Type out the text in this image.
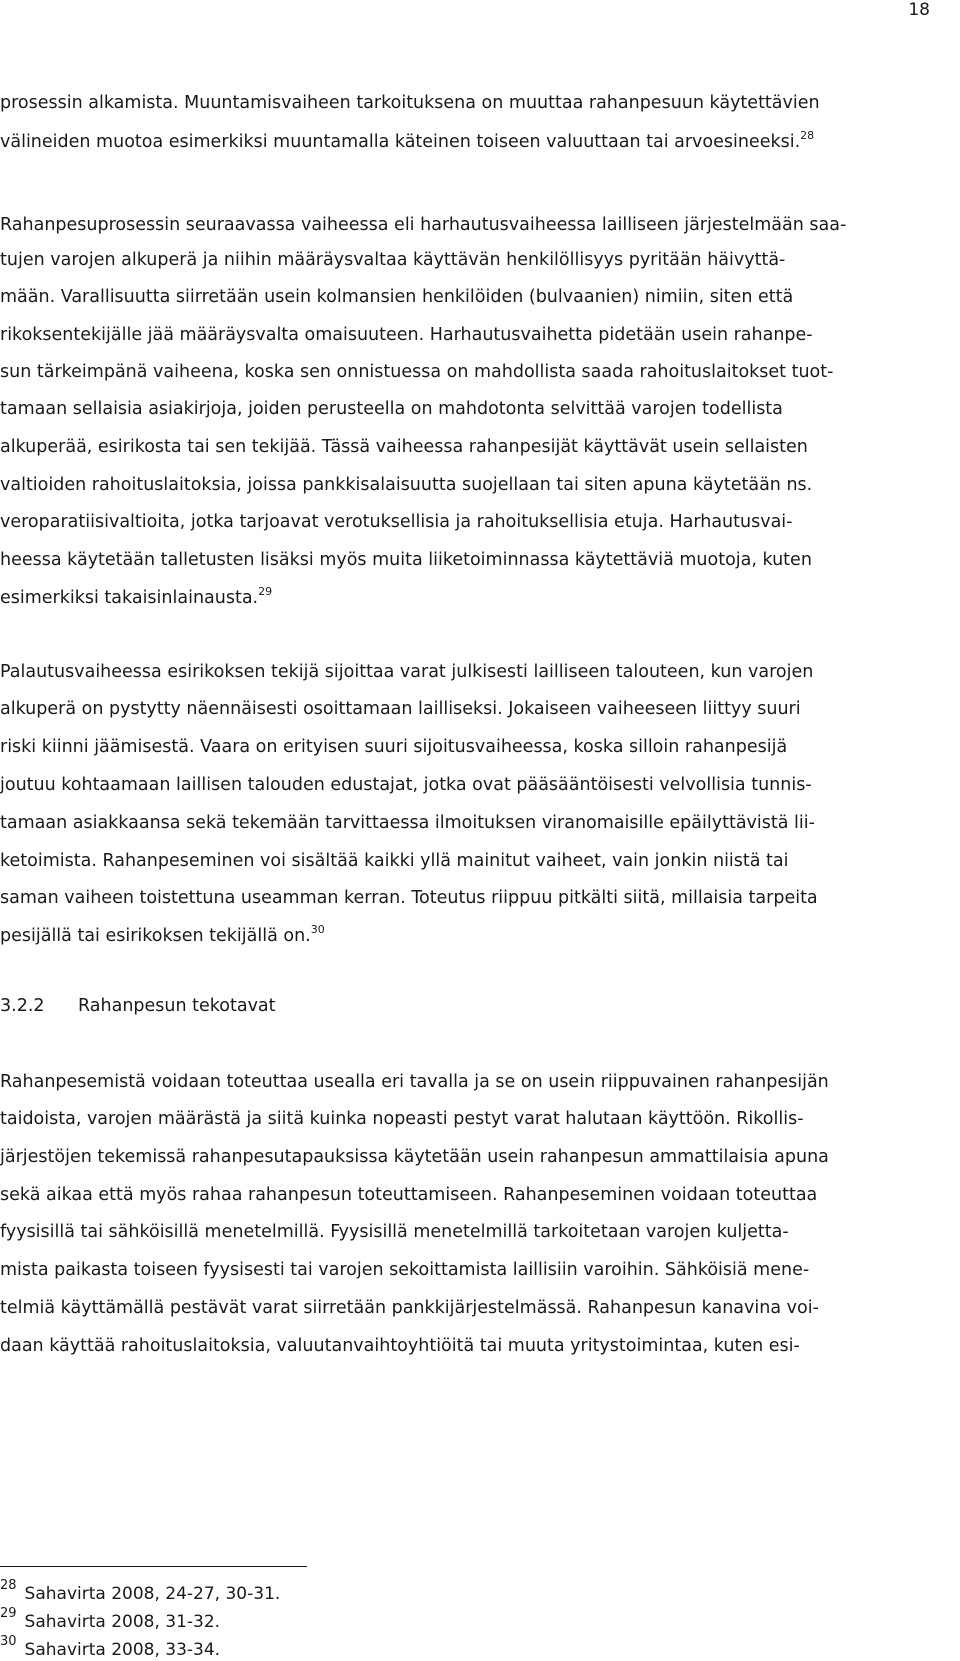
18
prosessin alkamista. Muuntamisvaiheen tarkoituksena on muuttaa rahanpesuun käytettävien
välineiden muotoa esimerkiksi muuntamalla käteinen toiseen valuuttaan tai arvoesineeksi.$^{28}$
Rahanpesuprosessin seuraavassa vaiheessa eli harhautusvaiheessa lailliseen järjestelmään saa-
tujen varojen alkuperä ja niihin määräysvaltaa käyttävän henkilöllisyys pyritään häivyttä-
mään. Varallisuutta siirretään usein kolmansien henkilöiden (bulvaanien) nimiin, siten että
rikoksentekijälle jää määräysvalta omaisuuteen. Harhautusvaihetta pidetään usein rahanpe-
sun tärkeimpänä vaiheena, koska sen onnistuessa on mahdollista saada rahoituslaitokset tuot-
tamaan sellaisia asiakirjoja, joiden perusteella on mahdotonta selvittää varojen todellista
alkuperää, esirikosta tai sen tekijää. Tässä vaiheessa rahanpesijät käyttävät usein sellaisten
valtioiden rahoituslaitoksia, joissa pankkisalaisuutta suojellaan tai siten apuna käytetään ns.
veroparatiisivaltioita, jotka tarjoavat verotuksellisia ja rahoituksellisia etuja. Harhautusvai-
heessa käytetään talletusten lisäksi myös muita liiketoiminnassa käytettäviä muotoja, kuten
esimerkiksi takaisinlainausta.$^{29}$
Palautusvaiheessa esirikoksen tekijä sijoittaa varat julkisesti lailliseen talouteen, kun varojen
alkuperä on pystytty näennäisesti osoittamaan lailliseksi. Jokaiseen vaiheeseen liittyy suuri
riski kiinni jäämisestä. Vaara on erityisen suuri sijoitusvaiheessa, koska silloin rahanpesijä
joutuu kohtaamaan laillisen talouden edustajat, jotka ovat pääsääntöisesti velvollisia tunnis-
tamaan asiakkaansa sekä tekemään tarvittaessa ilmoituksen viranomaisille epäilyttävistä lii-
ketoimista. Rahanpeseminen voi sisältää kaikki yllä mainitut vaiheet, vain jonkin niistä tai
saman vaiheen toistettuna useamman kerran. Toteutus riippuu pitkälti siitä, millaisia tarpeita
pesijällä tai esirikoksen tekijällä on.$^{30}$
Rahanpesemistä voidaan toteuttaa usealla eri tavalla ja se on usein riippuvainen rahanpesijän
taidoista, varojen määrästä ja siitä kuinka nopeasti pestyt varat halutaan käyttöön. Rikollis-
järjestöjen tekemissä rahanpesutapauksissa käytetään usein rahanpesun ammattilaisia apuna
sekä aikaa että myös rahaa rahanpesun toteuttamiseen. Rahanpeseminen voidaan toteuttaa
fyysisillä tai sähköisillä menetelmillä. Fyysisillä menetelmillä tarkoitetaan varojen kuljetta-
mista paikasta toiseen fyysisesti tai varojen sekoittamista laillisiin varoihin. Sähköisiä mene-
telmiä käyttämällä pestävät varat siirretään pankkijärjestelmässä. Rahanpesun kanavina voi-
daan käyttää rahoituslaitoksia, valuutanvaihtoyhtiöitä tai muuta yritystoimintaa, kuten esi-
3.2.2 Rahanpesun tekotavat
$^{28}$ Sahavirta 2008, 24-27, 30-31.
$^{29}$ Sahavirta 2008, 31-32.
$^{30}$ Sahavirta 2008, 33-34.
